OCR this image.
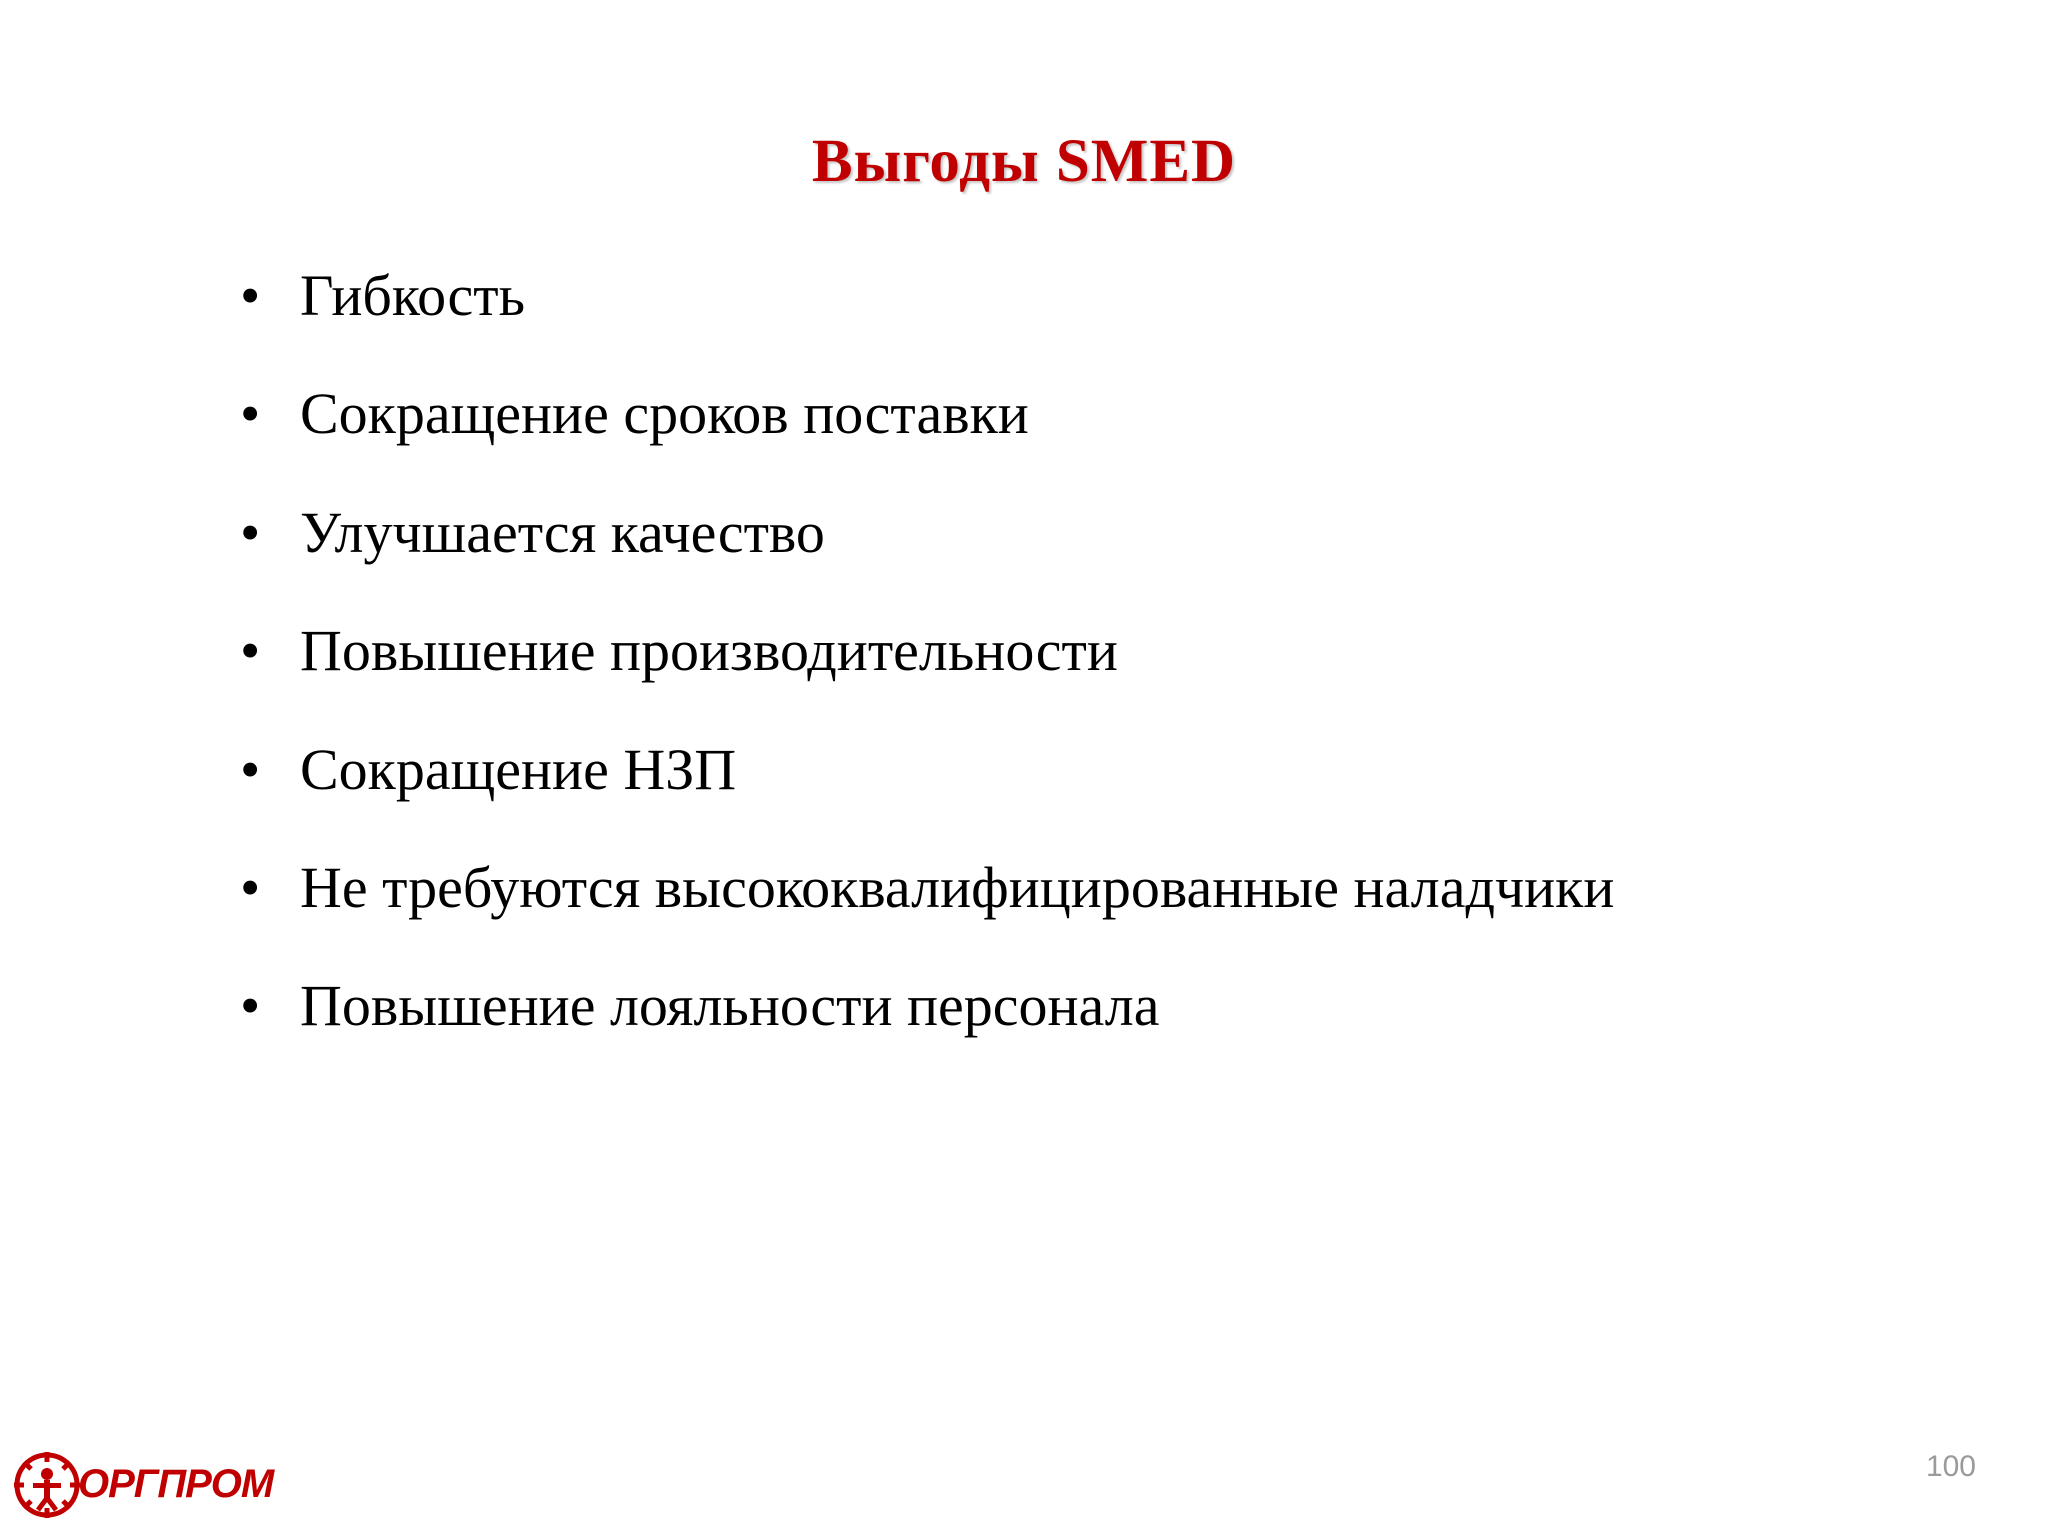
Выгоды SMED
• Гибкость
• Сокращение сроков поставки
• Улучшается качество
• Повышение производительности
• Сокращение НЗП
• Не требуются высококвалифицированные наладчики
• Повышение лояльности персонала
ОРГПРОМ	100
